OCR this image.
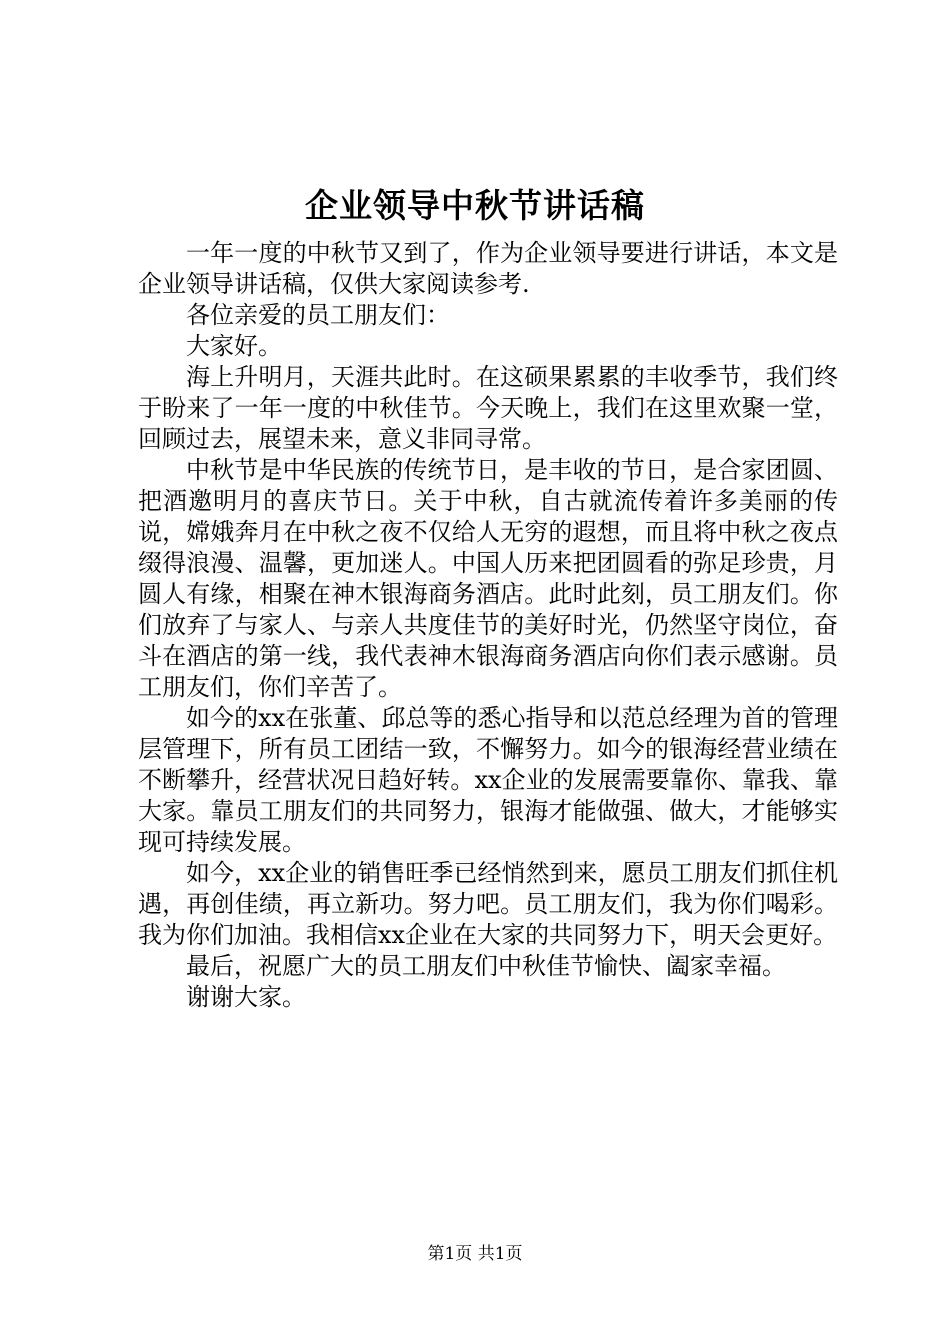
企业领导中秋节讲话稿

一年一度的中秋节又到了，作为企业领导要进行讲话，本文是企业领导讲话稿，仅供大家阅读参考.

各位亲爱的员工朋友们：

大家好。

海上升明月，天涯共此时。在这硕果累累的丰收季节，我们终于盼来了一年一度的中秋佳节。今天晚上，我们在这里欢聚一堂，回顾过去，展望未来，意义非同寻常。

中秋节是中华民族的传统节日，是丰收的节日，是合家团圆、把酒邀明月的喜庆节日。关于中秋，自古就流传着许多美丽的传说，嫦娥奔月在中秋之夜不仅给人无穷的遐想，而且将中秋之夜点缀得浪漫、温馨，更加迷人。中国人历来把团圆看的弥足珍贵，月圆人有缘，相聚在神木银海商务酒店。此时此刻，员工朋友们。你们放弃了与家人、与亲人共度佳节的美好时光，仍然坚守岗位，奋斗在酒店的第一线，我代表神木银海商务酒店向你们表示感谢。员工朋友们，你们辛苦了。

如今的xx在张董、邱总等的悉心指导和以范总经理为首的管理层管理下，所有员工团结一致，不懈努力。如今的银海经营业绩在不断攀升，经营状况日趋好转。xx企业的发展需要靠你、靠我、靠大家。靠员工朋友们的共同努力，银海才能做强、做大，才能够实现可持续发展。

如今，xx企业的销售旺季已经悄然到来，愿员工朋友们抓住机遇，再创佳绩，再立新功。努力吧。员工朋友们，我为你们喝彩。我为你们加油。我相信xx企业在大家的共同努力下，明天会更好。

最后，祝愿广大的员工朋友们中秋佳节愉快、阖家幸福。

谢谢大家。

第1页 共1页
